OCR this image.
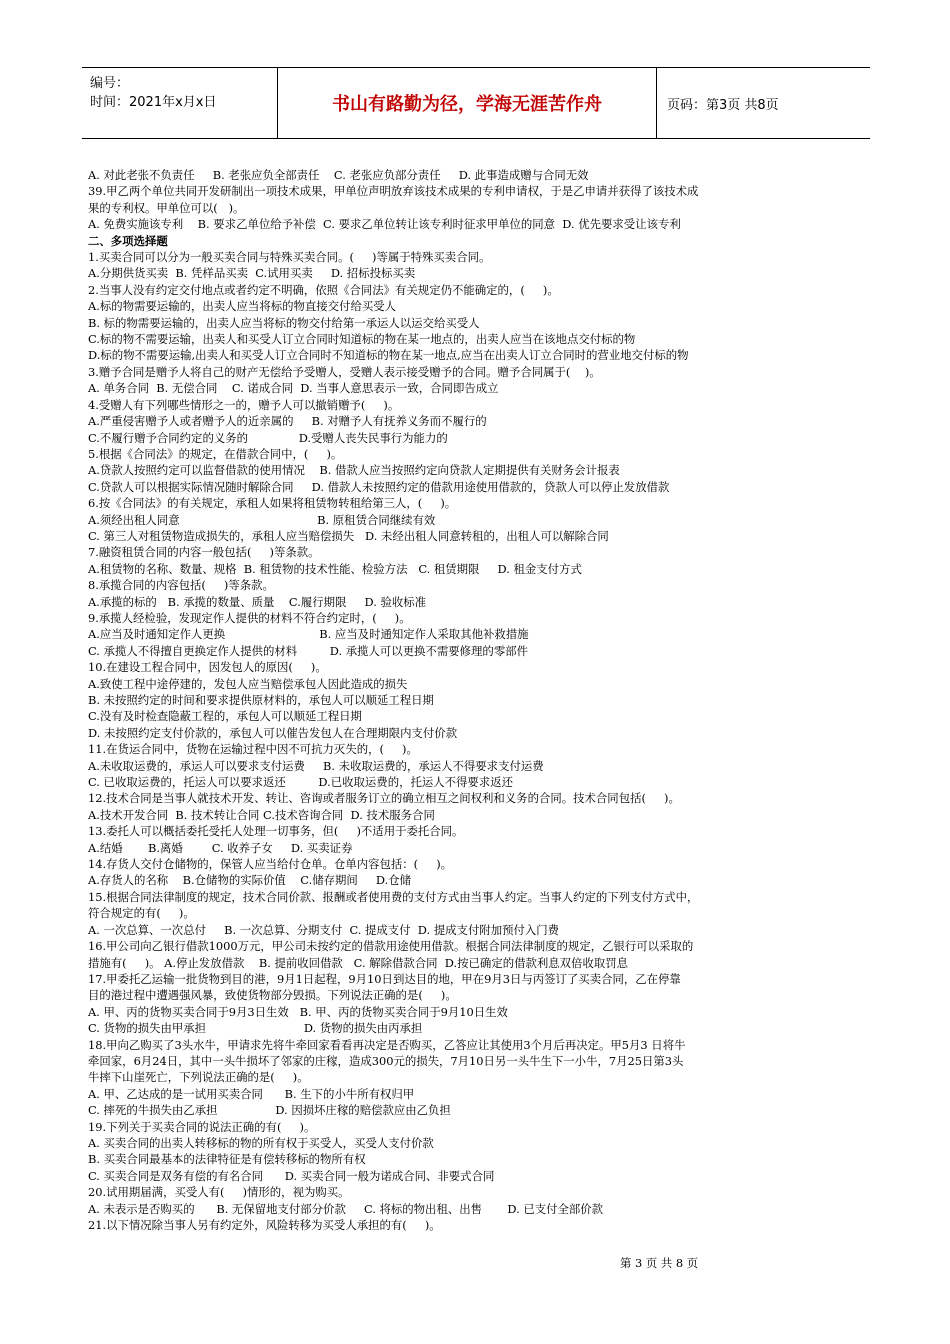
编号：
时间：2021年x月x日	书山有路勤为径，学海无涯苦作舟	页码：第3页 共8页
A. 对此老张不负责任     B. 老张应负全部责任    C. 老张应负部分责任     D. 此事造成赠与合同无效
39.甲乙两个单位共同开发研制出一项技术成果，甲单位声明放弃该技术成果的专利申请权，于是乙申请并获得了该技术成
果的专利权。甲单位可以(   )。
A. 免费实施该专利    B. 要求乙单位给予补偿  C. 要求乙单位转让该专利时征求甲单位的同意  D. 优先要求受让该专利
二、多项选择题
1.买卖合同可以分为一般买卖合同与特殊买卖合同。(     )等属于特殊买卖合同。
A.分期供货买卖  B. 凭样品买卖  C.试用买卖     D. 招标投标买卖
2.当事人没有约定交付地点或者约定不明确，依照《合同法》有关规定仍不能确定的，(     )。
A.标的物需要运输的，出卖人应当将标的物直接交付给买受人
B. 标的物需要运输的，出卖人应当将标的物交付给第一承运人以运交给买受人
C.标的物不需要运输，出卖人和买受人订立合同时知道标的物在某一地点的，出卖人应当在该地点交付标的物
D.标的物不需要运输,出卖人和买受人订立合同时不知道标的物在某一地点,应当在出卖人订立合同时的营业地交付标的物
3.赠予合同是赠予人将自己的财产无偿给予受赠人，受赠人表示接受赠予的合同。赠予合同属于(    )。
A. 单务合同  B. 无偿合同    C. 诺成合同  D. 当事人意思表示一致，合同即告成立
4.受赠人有下列哪些情形之一的，赠予人可以撤销赠予(     )。
A.严重侵害赠予人或者赠予人的近亲属的     B. 对赠予人有抚养义务而不履行的
C.不履行赠予合同约定的义务的              D.受赠人丧失民事行为能力的
5.根据《合同法》的规定，在借款合同中，(     )。
A.贷款人按照约定可以监督借款的使用情况    B. 借款人应当按照约定向贷款人定期提供有关财务会计报表
C.贷款人可以根据实际情况随时解除合同     D. 借款人未按照约定的借款用途使用借款的，贷款人可以停止发放借款
6.按《合同法》的有关规定，承租人如果将租赁物转租给第三人，(     )。
A.须经出租人同意                                      B. 原租赁合同继续有效
C. 第三人对租赁物造成损失的，承租人应当赔偿损失   D. 未经出租人同意转租的，出租人可以解除合同
7.融资租赁合同的内容一般包括(     )等条款。
A.租赁物的名称、数量、规格  B. 租赁物的技术性能、检验方法   C. 租赁期限     D. 租金支付方式
8.承揽合同的内容包括(     )等条款。
A.承揽的标的   B. 承揽的数量、质量    C.履行期限     D. 验收标准
9.承揽人经检验，发现定作人提供的材料不符合约定时，(     )。
A.应当及时通知定作人更换                          B. 应当及时通知定作人采取其他补救措施
C. 承揽人不得擅自更换定作人提供的材料         D. 承揽人可以更换不需要修理的零部件
10.在建设工程合同中，因发包人的原因(     )。
A.致使工程中途停建的，发包人应当赔偿承包人因此造成的损失
B. 未按照约定的时间和要求提供原材料的，承包人可以顺延工程日期
C.没有及时检查隐蔽工程的，承包人可以顺延工程日期
D. 未按照约定支付价款的，承包人可以催告发包人在合理期限内支付价款
11.在货运合同中，货物在运输过程中因不可抗力灭失的，(     )。
A.未收取运费的，承运人可以要求支付运费     B. 未收取运费的，承运人不得要求支付运费
C. 已收取运费的，托运人可以要求返还         D.已收取运费的，托运人不得要求返还
12.技术合同是当事人就技术开发、转让、咨询或者服务订立的确立相互之间权利和义务的合同。技术合同包括(     )。
A.技术开发合同  B. 技术转让合同 C.技术咨询合同  D. 技术服务合同
13.委托人可以概括委托受托人处理一切事务，但(     )不适用于委托合同。
A.结婚       B.离婚        C. 收养子女     D. 买卖证券
14.存货人交付仓储物的，保管人应当给付仓单。仓单内容包括：(     )。
A.存货人的名称    B.仓储物的实际价值    C.储存期间     D.仓储
15.根据合同法律制度的规定，技术合同价款、报酬或者使用费的支付方式由当事人约定。当事人约定的下列支付方式中，
符合规定的有(     )。
A. 一次总算、一次总付     B. 一次总算、分期支付  C. 提成支付  D. 提成支付附加预付入门费
16.甲公司向乙银行借款1000万元，甲公司未按约定的借款用途使用借款。根据合同法律制度的规定，乙银行可以采取的
措施有(     )。 A.停止发放借款    B. 提前收回借款   C. 解除借款合同  D.按已确定的借款利息双倍收取罚息
17.甲委托乙运输一批货物到目的港，9月1日起程，9月10日到达目的地，甲在9月3日与丙签订了买卖合同，乙在停靠
目的港过程中遭遇强风暴，致使货物部分毁损。下列说法正确的是(     )。
A. 甲、丙的货物买卖合同于9月3日生效   B. 甲、丙的货物买卖合同于9月10日生效
C. 货物的损失由甲承担                           D. 货物的损失由丙承担
18.甲向乙购买了3头水牛，甲请求先将牛牵回家看看再决定是否购买，乙答应让其使用3个月后再决定。甲5月3 日将牛
牵回家，6月24日，其中一头牛损坏了邻家的庄稼，造成300元的损失，7月10日另一头牛生下一小牛，7月25日第3头
牛摔下山崖死亡，下列说法正确的是(     )。
A. 甲、乙达成的是一试用买卖合同      B. 生下的小牛所有权归甲
C. 摔死的牛损失由乙承担                D. 因损坏庄稼的赔偿款应由乙负担
19.下列关于买卖合同的说法正确的有(     )。
A. 买卖合同的出卖人转移标的物的所有权于买受人，买受人支付价款
B. 买卖合同最基本的法律特征是有偿转移标的物所有权
C. 买卖合同是双务有偿的有名合同      D. 买卖合同一般为诺成合同、非要式合同
20.试用期届满，买受人有(     )情形的，视为购买。
A. 未表示是否购买的      B. 无保留地支付部分价款     C. 将标的物出租、出售       D. 已支付全部价款
21.以下情况除当事人另有约定外，风险转移为买受人承担的有(     )。
第 3 页 共 8 页
